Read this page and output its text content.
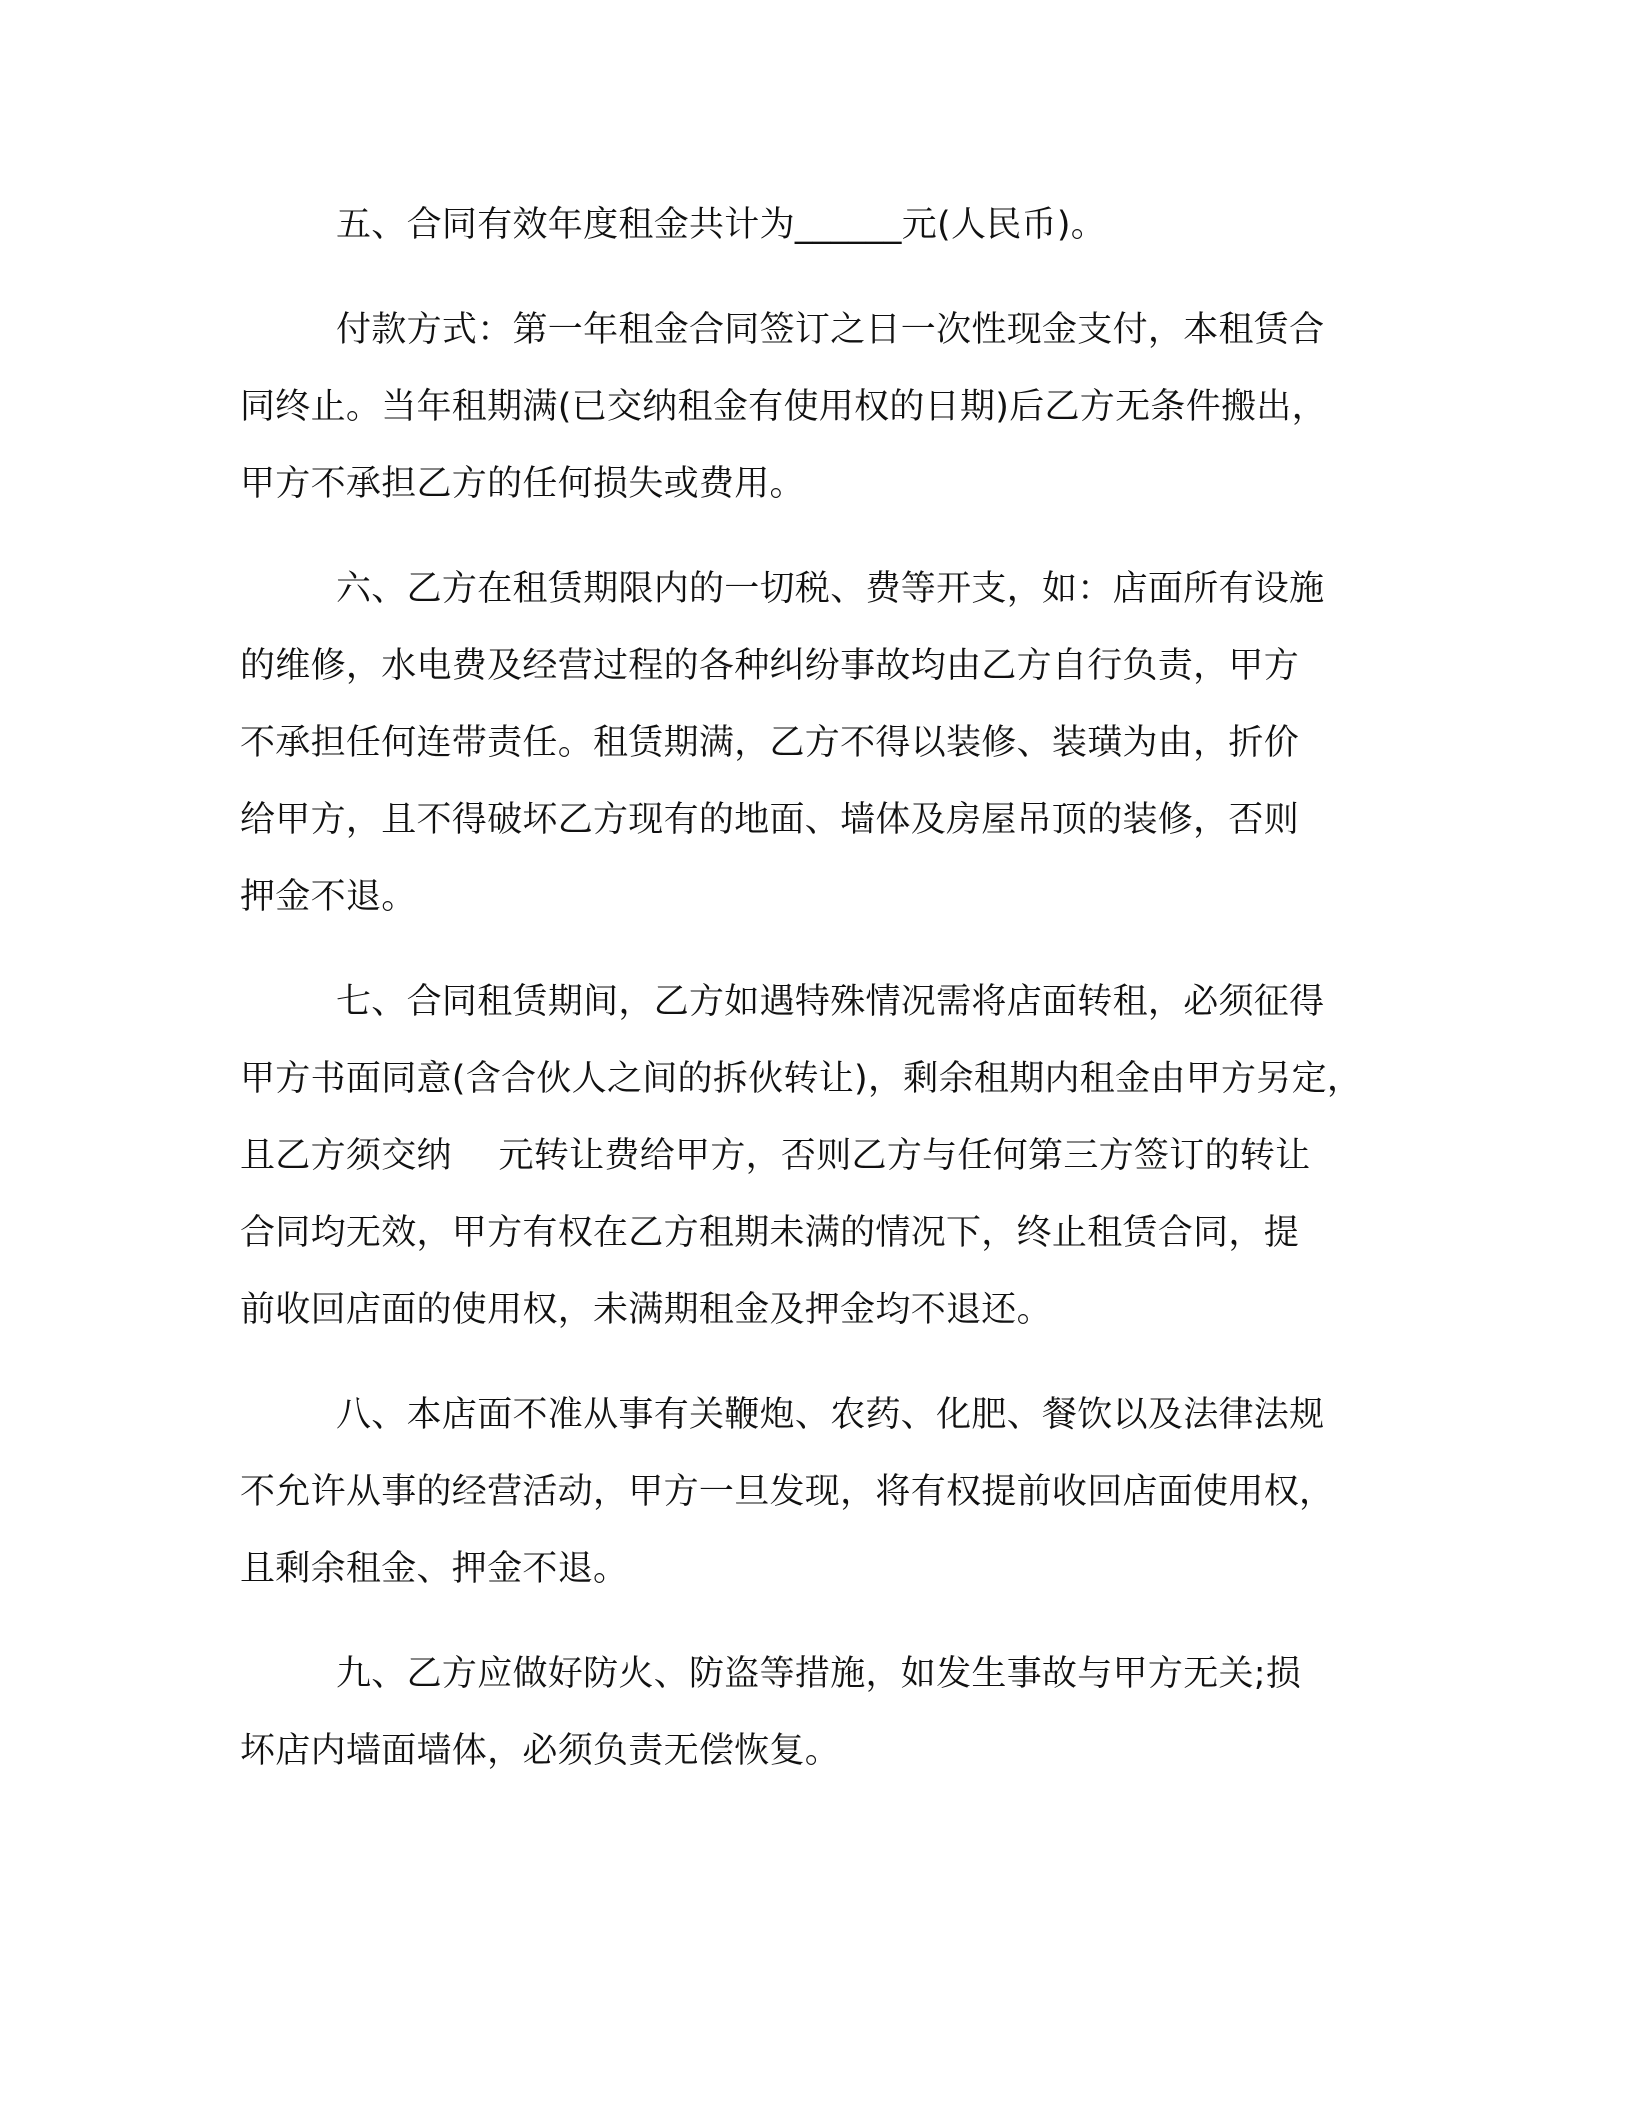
五、合同有效年度租金共计为______元(人民币)。

付款方式：第一年租金合同签订之日一次性现金支付，本租赁合

同终止。当年租期满(已交纳租金有使用权的日期)后乙方无条件搬出，

甲方不承担乙方的任何损失或费用。

六、乙方在租赁期限内的一切税、费等开支，如：店面所有设施

的维修，水电费及经营过程的各种纠纷事故均由乙方自行负责，甲方

不承担任何连带责任。租赁期满，乙方不得以装修、装璜为由，折价

给甲方，且不得破坏乙方现有的地面、墙体及房屋吊顶的装修，否则

押金不退。

七、合同租赁期间，乙方如遇特殊情况需将店面转租，必须征得

甲方书面同意(含合伙人之间的拆伙转让)，剩余租期内租金由甲方另定，

且乙方须交纳　 元转让费给甲方，否则乙方与任何第三方签订的转让

合同均无效，甲方有权在乙方租期未满的情况下，终止租赁合同，提

前收回店面的使用权，未满期租金及押金均不退还。

八、本店面不准从事有关鞭炮、农药、化肥、餐饮以及法律法规

不允许从事的经营活动，甲方一旦发现，将有权提前收回店面使用权，

且剩余租金、押金不退。

九、乙方应做好防火、防盗等措施，如发生事故与甲方无关;损

坏店内墙面墙体，必须负责无偿恢复。
